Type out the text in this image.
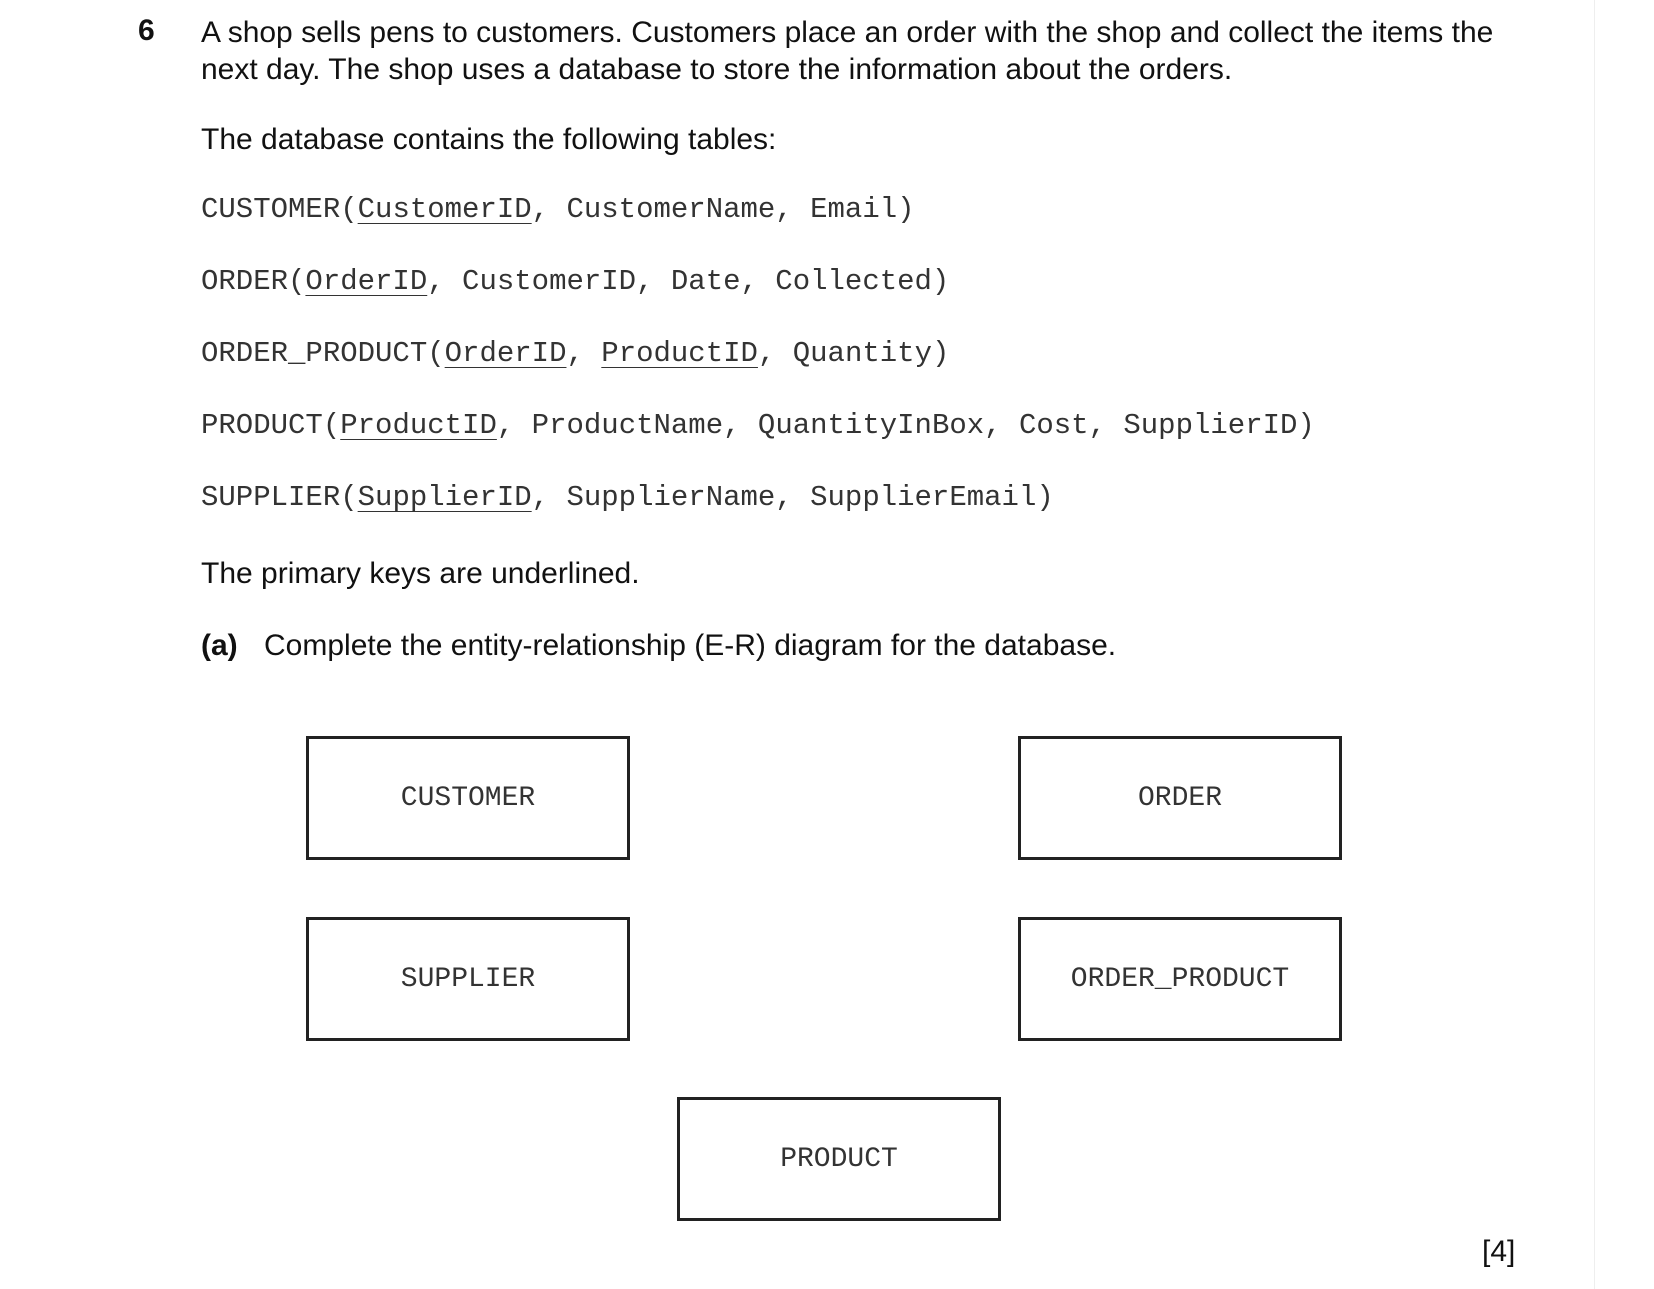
6 A shop sells pens to customers. Customers place an order with the shop and collect the items the

next day. The shop uses a database to store the information about the orders.

The database contains the following tables:
CUSTOMER(CustomerID, CustomerName, Email)
ORDER(OrderID, CustomerID, Date, Collected)
ORDER_PRODUCT(OrderID, ProductID, Quantity)
PRODUCT(ProductID, ProductName, QuantityInBox, Cost, SupplierID)
SUPPLIER(SupplierID, SupplierName, SupplierEmail)
The primary keys are underlined.
(a) Complete the entity-relationship (E-R) diagram for the database.
CUSTOMER	ORDER
SUPPLIER	ORDER_PRODUCT
PRODUCT
[4]
